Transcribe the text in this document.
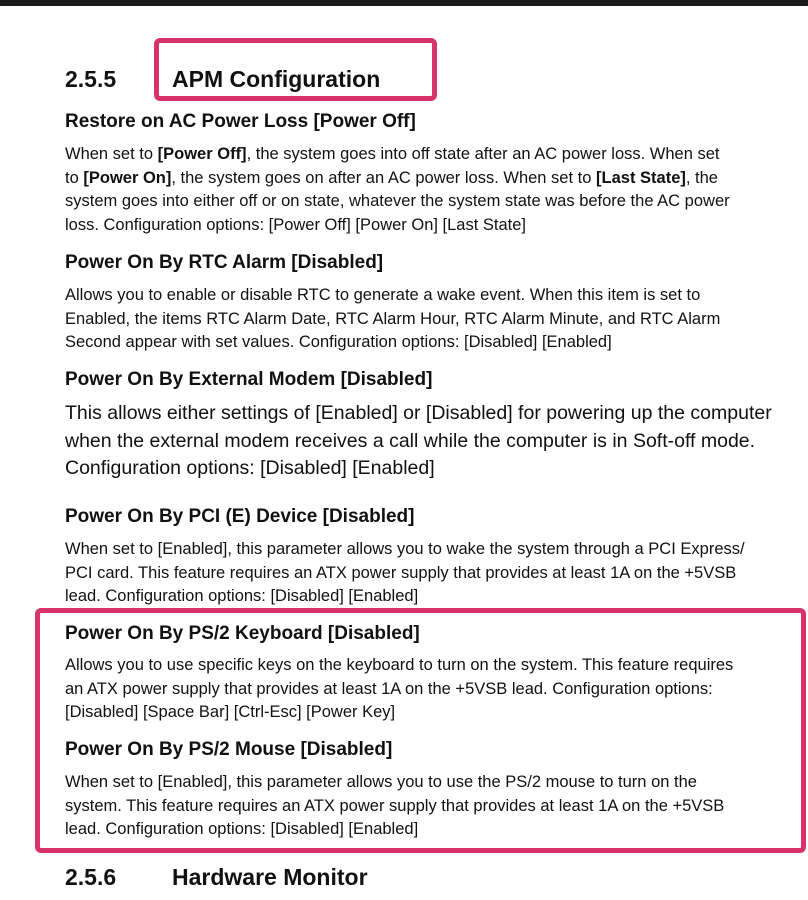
2.5.5 APM Configuration
Restore on AC Power Loss [Power Off]
When set to [Power Off], the system goes into off state after an AC power loss. When set
to [Power On], the system goes on after an AC power loss. When set to [Last State], the
system goes into either off or on state, whatever the system state was before the AC power
loss. Configuration options: [Power Off] [Power On] [Last State]
Power On By RTC Alarm [Disabled]
Allows you to enable or disable RTC to generate a wake event. When this item is set to
Enabled, the items RTC Alarm Date, RTC Alarm Hour, RTC Alarm Minute, and RTC Alarm
Second appear with set values. Configuration options: [Disabled] [Enabled]
Power On By External Modem [Disabled]
This allows either settings of [Enabled] or [Disabled] for powering up the computer
when the external modem receives a call while the computer is in Soft-off mode.
Configuration options: [Disabled] [Enabled]
Power On By PCI (E) Device [Disabled]
When set to [Enabled], this parameter allows you to wake the system through a PCI Express/
PCI card. This feature requires an ATX power supply that provides at least 1A on the +5VSB
lead. Configuration options: [Disabled] [Enabled]
Power On By PS/2 Keyboard [Disabled]
Allows you to use specific keys on the keyboard to turn on the system. This feature requires
an ATX power supply that provides at least 1A on the +5VSB lead. Configuration options:
[Disabled] [Space Bar] [Ctrl-Esc] [Power Key]
Power On By PS/2 Mouse [Disabled]
When set to [Enabled], this parameter allows you to use the PS/2 mouse to turn on the
system. This feature requires an ATX power supply that provides at least 1A on the +5VSB
lead. Configuration options: [Disabled] [Enabled]
2.5.6 Hardware Monitor
